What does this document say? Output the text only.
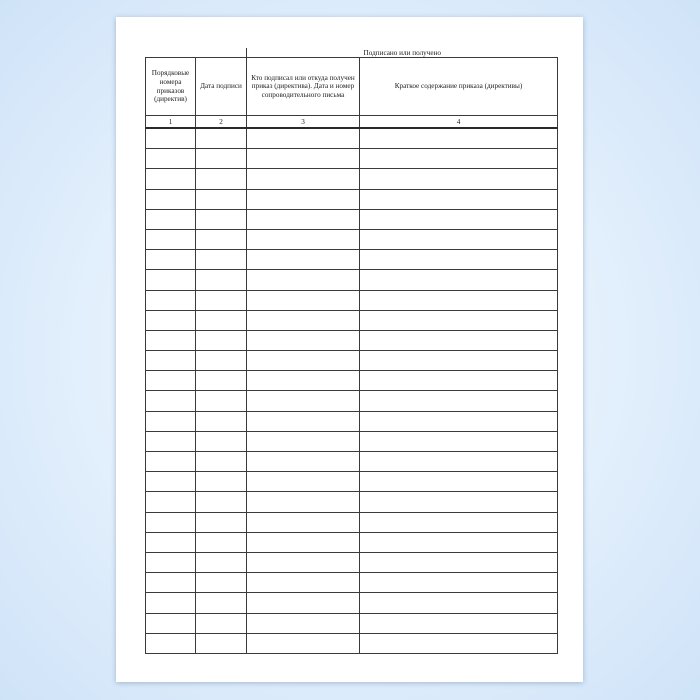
		Подписано или получено	
Порядковые номера приказов (директив)	Дата подписи	Кто подписал или откуда получен приказ (директива). Дата и номер сопроводительного письма	Краткое содержание приказа (директивы)
1	2	3	4
